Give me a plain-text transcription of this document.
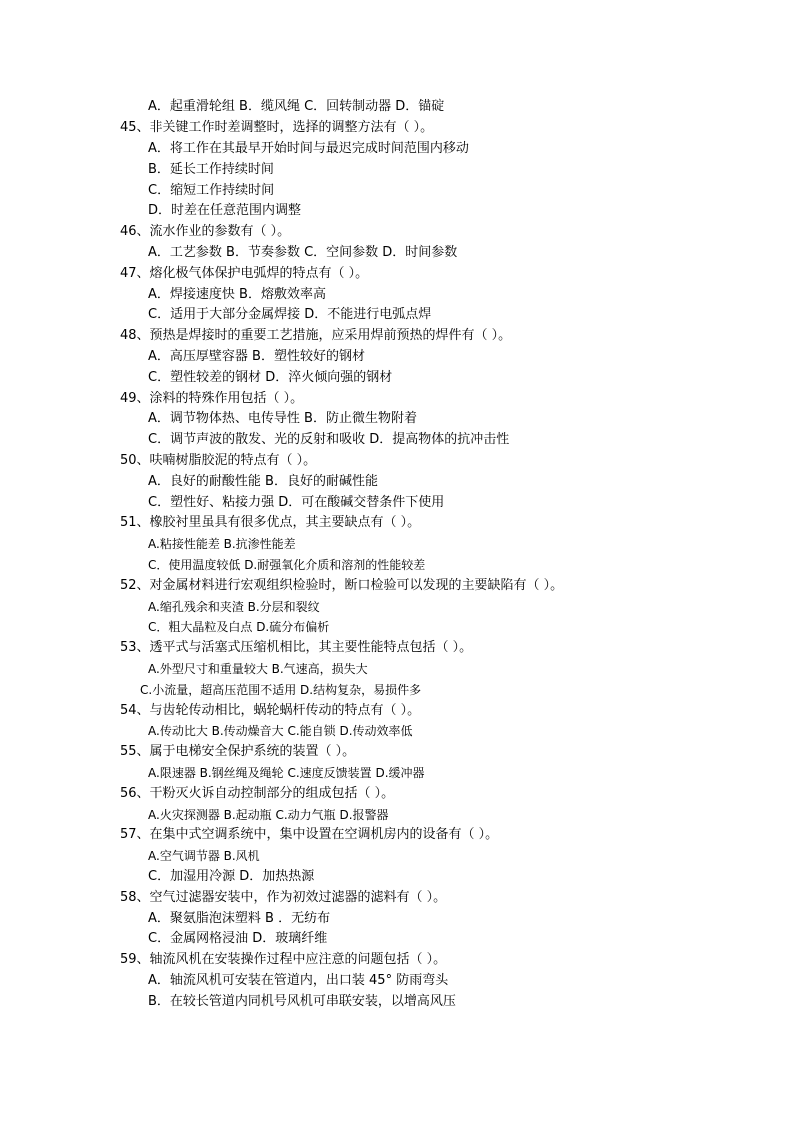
A．起重滑轮组 B．缆风绳 C．回转制动器 D．锚碇
45、非关键工作时差调整时，选择的调整方法有（ ）。
A．将工作在其最早开始时间与最迟完成时间范围内移动
B．延长工作持续时间
C．缩短工作持续时间
D．时差在任意范围内调整
46、流水作业的参数有（ ）。
A．工艺参数 B．节奏参数 C．空间参数 D．时间参数
47、熔化极气体保护电弧焊的特点有（ ）。
A．焊接速度快 B．熔敷效率高
C．适用于大部分金属焊接 D．不能进行电弧点焊
48、预热是焊接时的重要工艺措施，应采用焊前预热的焊件有（ ）。
A．高压厚壁容器 B．塑性较好的钢材
C．塑性较差的钢材 D．淬火倾向强的钢材
49、涂料的特殊作用包括（ ）。
A．调节物体热、电传导性 B．防止微生物附着
C．调节声波的散发、光的反射和吸收 D．提高物体的抗冲击性
50、呋喃树脂胶泥的特点有（ ）。
A．良好的耐酸性能 B．良好的耐碱性能
C．塑性好、粘接力强 D．可在酸碱交替条件下使用
51、橡胶衬里虽具有很多优点，其主要缺点有（ ）。
A.粘接性能差 B.抗渗性能差
C．使用温度较低 D.耐强氧化介质和溶剂的性能较差
52、对金属材料进行宏观组织检验时，断口检验可以发现的主要缺陷有（ ）。
A.缩孔残余和夹渣 B.分层和裂纹
C．粗大晶粒及白点 D.硫分布偏析
53、透平式与活塞式压缩机相比，其主要性能特点包括（ ）。
A.外型尺寸和重量较大 B.气速高，损失大
C.小流量，超高压范围不适用 D.结构复杂，易损件多
54、与齿轮传动相比，蜗轮蜗杆传动的特点有（ ）。
A.传动比大 B.传动燥音大 C.能自锁 D.传动效率低
55、属于电梯安全保护系统的装置（ ）。
A.限速器 B.钢丝绳及绳轮 C.速度反馈装置 D.缓冲器
56、干粉灭火诉自动控制部分的组成包括（ ）。
A.火灾探测器 B.起动瓶 C.动力气瓶 D.报警器
57、在集中式空调系统中，集中设置在空调机房内的设备有（ ）。
A.空气调节器 B.风机
C．加湿用冷源 D．加热热源
58、空气过滤器安装中，作为初效过滤器的滤料有（ ）。
A．聚氨脂泡沫塑料 B ．无纺布
C．金属网格浸油 D．玻璃纤维
59、轴流风机在安装操作过程中应注意的问题包括（ ）。
A．轴流风机可安装在管道内，出口装 45° 防雨弯头
B．在较长管道内同机号风机可串联安装，以增高风压
